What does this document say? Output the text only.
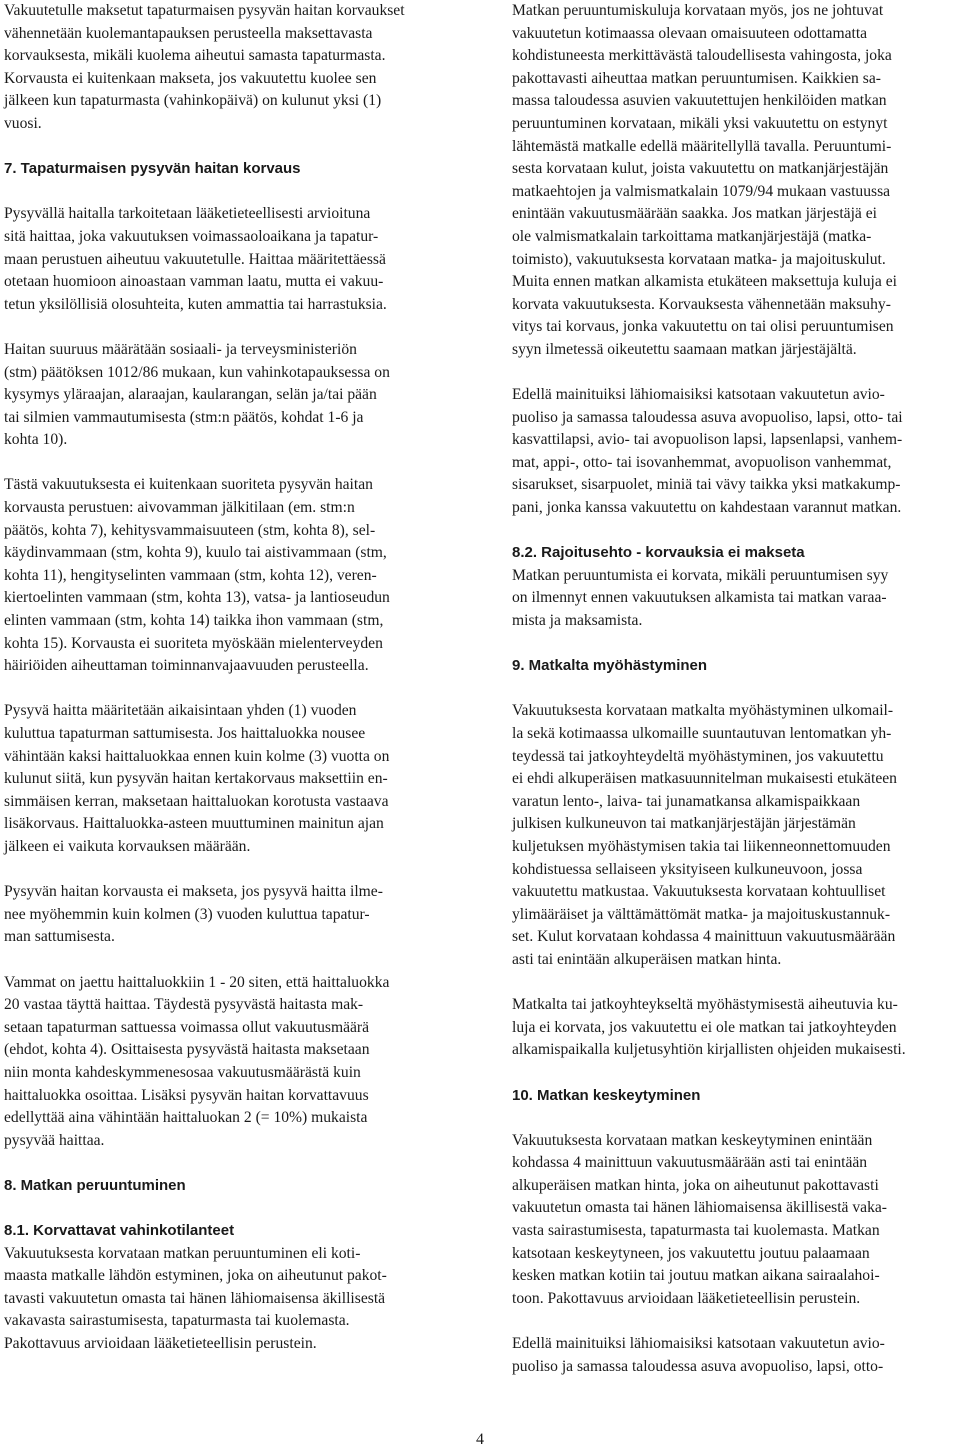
Vakuutetulle maksetut tapaturmaisen pysyvän haitan korvaukset
vähennetään kuolemantapauksen perusteella maksettavasta
korvauksesta, mikäli kuolema aiheutui samasta tapaturmasta.
Korvausta ei kuitenkaan makseta, jos vakuutettu kuolee sen
jälkeen kun tapaturmasta (vahinkopäivä) on kulunut yksi (1)
vuosi.
7. Tapaturmaisen pysyvän haitan korvaus
Pysyvällä haitalla tarkoitetaan lääketieteellisesti arvioituna
sitä haittaa, joka vakuutuksen voimassaoloaikana ja tapatur-
maan perustuen aiheutuu vakuutetulle. Haittaa määritettäessä
otetaan huomioon ainoastaan vamman laatu, mutta ei vakuu-
tetun yksilöllisiä olosuhteita, kuten ammattia tai harrastuksia.
Haitan suuruus määrätään sosiaali- ja terveysministeriön
(stm) päätöksen 1012/86 mukaan, kun vahinkotapauksessa on
kysymys yläraajan, alaraajan, kaularangan, selän ja/tai pään
tai silmien vammautumisesta (stm:n päätös, kohdat 1-6 ja
kohta 10).
Tästä vakuutuksesta ei kuitenkaan suoriteta pysyvän haitan
korvausta perustuen: aivovamman jälkitilaan (em. stm:n
päätös, kohta 7), kehitysvammaisuuteen (stm, kohta 8), sel-
käydinvammaan (stm, kohta 9), kuulo tai aistivammaan (stm,
kohta 11), hengityselinten vammaan (stm, kohta 12), veren-
kiertoelinten vammaan (stm, kohta 13), vatsa- ja lantioseudun
elinten vammaan (stm, kohta 14) taikka ihon vammaan (stm,
kohta 15). Korvausta ei suoriteta myöskään mielenterveyden
häiriöiden aiheuttaman toiminnanvajaavuuden perusteella.
Pysyvä haitta määritetään aikaisintaan yhden (1) vuoden
kuluttua tapaturman sattumisesta. Jos haittaluokka nousee
vähintään kaksi haittaluokkaa ennen kuin kolme (3) vuotta on
kulunut siitä, kun pysyvän haitan kertakorvaus maksettiin en-
simmäisen kerran, maksetaan haittaluokan korotusta vastaava
lisäkorvaus. Haittaluokka-asteen muuttuminen mainitun ajan
jälkeen ei vaikuta korvauksen määrään.
Pysyvän haitan korvausta ei makseta, jos pysyvä haitta ilme-
nee myöhemmin kuin kolmen (3) vuoden kuluttua tapatur-
man sattumisesta.
Vammat on jaettu haittaluokkiin 1 - 20 siten, että haittaluokka
20 vastaa täyttä haittaa. Täydestä pysyvästä haitasta mak-
setaan tapaturman sattuessa voimassa ollut vakuutusmäärä
(ehdot, kohta 4). Osittaisesta pysyvästä haitasta maksetaan
niin monta kahdeskymmenesosaa vakuutusmäärästä kuin
haittaluokka osoittaa. Lisäksi pysyvän haitan korvattavuus
edellyttää aina vähintään haittaluokan 2 (= 10%) mukaista
pysyvää haittaa.
8. Matkan peruuntuminen
8.1. Korvattavat vahinkotilanteet
Vakuutuksesta korvataan matkan peruuntuminen eli koti-
maasta matkalle lähdön estyminen, joka on aiheutunut pakot-
tavasti vakuutetun omasta tai hänen lähiomaisensa äkillisestä
vakavasta sairastumisesta, tapaturmasta tai kuolemasta.
Pakottavuus arvioidaan lääketieteellisin perustein.
Matkan peruuntumiskuluja korvataan myös, jos ne johtuvat
vakuutetun kotimaassa olevaan omaisuuteen odottamatta
kohdistuneesta merkittävästä taloudellisesta vahingosta, joka
pakottavasti aiheuttaa matkan peruuntumisen. Kaikkien sa-
massa taloudessa asuvien vakuutettujen henkilöiden matkan
peruuntuminen korvataan, mikäli yksi vakuutettu on estynyt
lähtemästä matkalle edellä määritellyllä tavalla. Peruuntumi-
sesta korvataan kulut, joista vakuutettu on matkanjärjestäjän
matkaehtojen ja valmismatkalain 1079/94 mukaan vastuussa
enintään vakuutusmäärään saakka. Jos matkan järjestäjä ei
ole valmismatkalain tarkoittama matkanjärjestäjä (matka-
toimisto), vakuutuksesta korvataan matka- ja majoituskulut.
Muita ennen matkan alkamista etukäteen maksettuja kuluja ei
korvata vakuutuksesta. Korvauksesta vähennetään maksuhy-
vitys tai korvaus, jonka vakuutettu on tai olisi peruuntumisen
syyn ilmetessä oikeutettu saamaan matkan järjestäjältä.
Edellä mainituiksi lähiomaisiksi katsotaan vakuutetun avio-
puoliso ja samassa taloudessa asuva avopuoliso, lapsi, otto- tai
kasvattilapsi, avio- tai avopuolison lapsi, lapsenlapsi, vanhem-
mat, appi-, otto- tai isovanhemmat, avopuolison vanhemmat,
sisarukset, sisarpuolet, miniä tai vävy taikka yksi matkakump-
pani, jonka kanssa vakuutettu on kahdestaan varannut matkan.
8.2. Rajoitusehto - korvauksia ei makseta
Matkan peruuntumista ei korvata, mikäli peruuntumisen syy
on ilmennyt ennen vakuutuksen alkamista tai matkan varaa-
mista ja maksamista.
9. Matkalta myöhästyminen
Vakuutuksesta korvataan matkalta myöhästyminen ulkomail-
la sekä kotimaassa ulkomaille suuntautuvan lentomatkan yh-
teydessä tai jatkoyhteydeltä myöhästyminen, jos vakuutettu
ei ehdi alkuperäisen matkasuunnitelman mukaisesti etukäteen
varatun lento-, laiva- tai junamatkansa alkamispaikkaan
julkisen kulkuneuvon tai matkanjärjestäjän järjestämän
kuljetuksen myöhästymisen takia tai liikenneonnettomuuden
kohdistuessa sellaiseen yksityiseen kulkuneuvoon, jossa
vakuutettu matkustaa. Vakuutuksesta korvataan kohtuulliset
ylimääräiset ja välttämättömät matka- ja majoituskustannuk-
set. Kulut korvataan kohdassa 4 mainittuun vakuutusmäärään
asti tai enintään alkuperäisen matkan hinta.
Matkalta tai jatkoyhteykseltä myöhästymisestä aiheutuvia ku-
luja ei korvata, jos vakuutettu ei ole matkan tai jatkoyhteyden
alkamispaikalla kuljetusyhtiön kirjallisten ohjeiden mukaisesti.
10. Matkan keskeytyminen
Vakuutuksesta korvataan matkan keskeytyminen enintään
kohdassa 4 mainittuun vakuutusmäärään asti tai enintään
alkuperäisen matkan hinta, joka on aiheutunut pakottavasti
vakuutetun omasta tai hänen lähiomaisensa äkillisestä vaka-
vasta sairastumisesta, tapaturmasta tai kuolemasta. Matkan
katsotaan keskeytyneen, jos vakuutettu joutuu palaamaan
kesken matkan kotiin tai joutuu matkan aikana sairaalahoi-
toon. Pakottavuus arvioidaan lääketieteellisin perustein.
Edellä mainituiksi lähiomaisiksi katsotaan vakuutetun avio-
puoliso ja samassa taloudessa asuva avopuoliso, lapsi, otto-
4
